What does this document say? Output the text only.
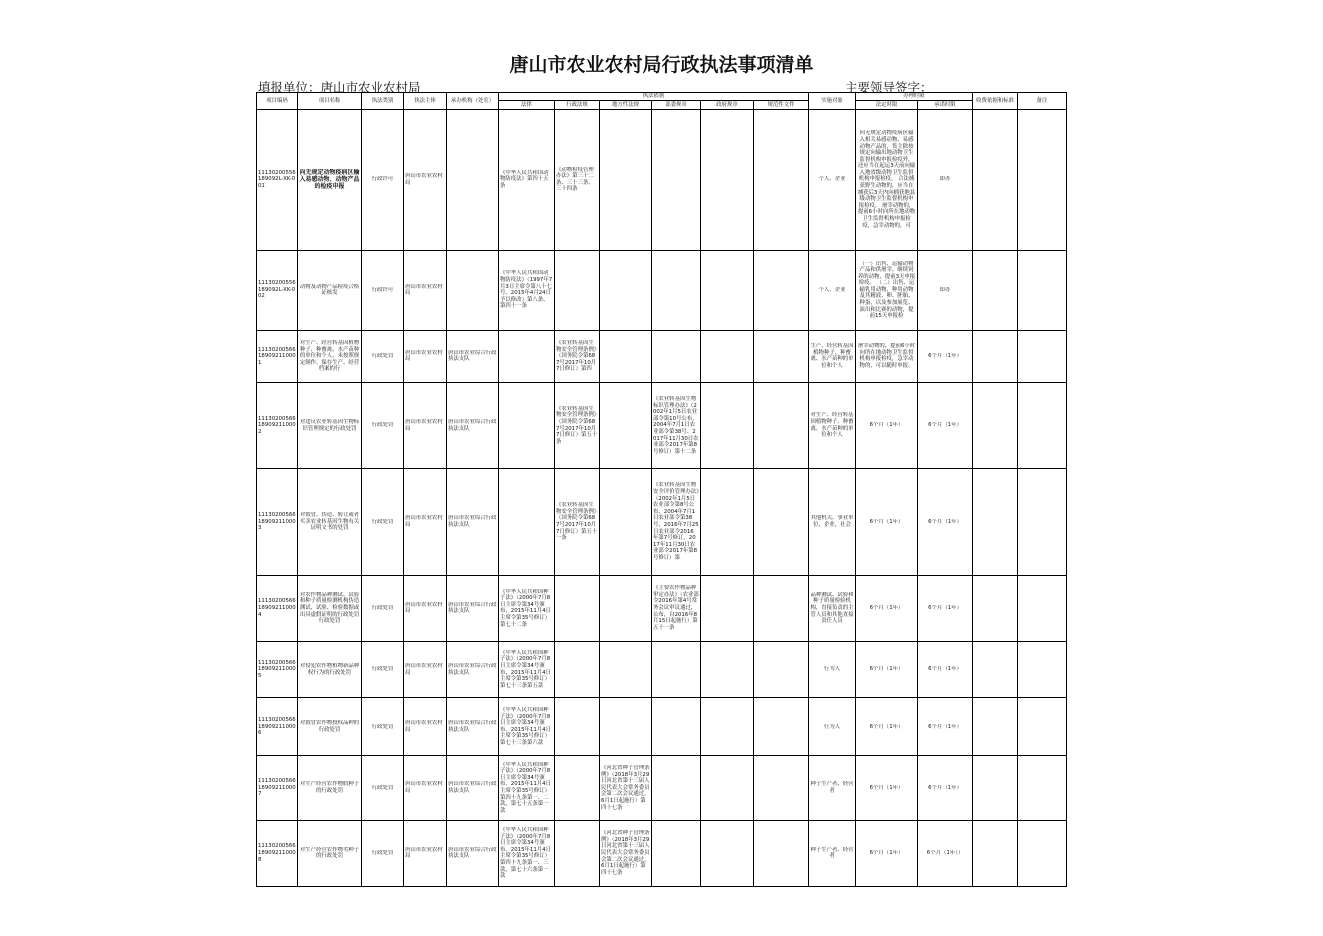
唐山市农业农村局行政执法事项清单
填报单位：唐山市农业农村局	主要领导签字：
项目编码	项目名称	执法类别	执法主体	承办机构（处室）	执法依据						实施对象	办理时限		收费依据和标准	备注
					法律	行政法规	地方性法规	部委规章	政府规章	规范性文件		法定时限	承诺时限		

11130200556189092L-XK-001	向无规定动物疫病区输入易感动物、动物产品的检疫申报	行政许可	唐山市农业农村局		《中华人民共和国动物防疫法》第四十五条	《动物检疫管理办法》第三十二条、三十三条、三十四条					个人、企业	向无规定动物疫病区输入相关易感动物、易感动物产品的，货主除按规定向输出地动物卫生监督机构申报检疫外，还应当在起运3天前向输入地省级动物卫生监督机构申报检疫。 合法捕获野生动物的，应当在捕获后3天内向捕获地县级动物卫生监督机构申报检疫。 屠宰动物的，提前6小时向所在地动物卫生监督机构申报检疫，急宰动物的，可	即办		

11130200556189092L-XK-002	动物及动物产品检疫合格证核发	行政许可	唐山市农业农村局		《中华人民共和国动物防疫法》（1997年7月3日主席令第八十七号，2015年4月24日予以修改）第八条、第四十一条						个人、企业	（一）出售、运输动物产品和供屠宰、继续饲养的动物，提前3天申报检疫。 （二）出售、运输乳用动物、种用动物及其精液、卵、胚胎、种蛋，以及参加展览、演出和比赛的动物，提前15天申报检	即办		

11130200566189092110001	对生产、经营转基因植物种子、种畜禽、水产苗种的单位和个人，未按照规定制作、保存生产、经营档案的行	行政处罚	唐山市农业农村局	唐山市农业综合行政执法支队		《农业转基因生物安全管理条例》（国务院令第687号2017年10月7日修订）第四					生产、经营转基因植物种子、种畜禽、水产苗种的单位和个人	屠宰动物的，提前6小时向所在地动物卫生监督机构申报检疫，急宰动物的，可以随时申报。	6个月（1年）		

11130200566189092110002	对违反农业转基因生物标识管理规定的行政处罚	行政处罚	唐山市农业农村局	唐山市农业综合行政执法支队		《农业转基因生物安全管理条例》（国务院令第687号2017年10月7日修订）第五十条		《农业转基因生物标识管理办法》（2002年1月5日农业部令第10号公布，2004年7月1日农业部令第38号、2017年11月30日农业部令2017年第8号修订）第十二条			对生产、经营转基因植物种子、种畜禽、水产苗种的单位和个人	6个月（1年）	6个月（1年）		

11130200566189092110003	对假冒、伪造、转让或者买卖农业转基因生物有关证明文书的处罚	行政处罚	唐山市农业农村局	唐山市农业综合行政执法支队		《农业转基因生物安全管理条例》（国务院令第687号2017年10月7日修订）第五十一条		《农业转基因生物安全评价管理办法》（2002年1月5日农业部令第8号公布，2004年7月1日农业部令第38号，2016年7月25日农业部令2016年第7号修订，2017年11月30日农业部令2017年第8号修订）第			其他机关、事业单位、企业，社会	6个月（1年）	6个月（1年）		

11130200566189092110004	对农作物品种测试、试验和种子质量检测机构伪造测试、试验、检验数据或出具虚假证明的行政处罚 行政处罚	行政处罚	唐山市农业农村局	唐山市农业综合行政执法支队	《中华人民共和国种子法》（2000年7月8日主席令第34号颁布，2015年11月4日主席令第35号修订）第七十二条			《主要农作物品种审定办法》（农业部令2016年第4号常务会议审议通过，公布，自2016年8月15日起施行）第五十一条			品种测试、试验和种子质量检验机构，直接负责的主管人员和其他直接责任人员	6个月（1年）	6个月（1年）		

11130200566189092110005	对侵犯农作物植物新品种权行为的行政处罚	行政处罚	唐山市农业农村局	唐山市农业综合行政执法支队	《中华人民共和国种子法》（2000年7月8日主席令第34号颁布，2015年11月4日主席令第35号修订）第七十三条第五款						行为人	6个月（1年）	6个月（1年）		

11130200566189092110006	对假冒农作物授权品种的行政处罚	行政处罚	唐山市农业农村局	唐山市农业综合行政执法支队	《中华人民共和国种子法》（2000年7月8日主席令第34号颁布，2015年11月4日主席令第35号修订）第七十三条第六款						行为人	6个月（1年）	6个月（1年）		

11130200566189092110007	对生产经营农作物假种子的行政处罚	行政处罚	唐山市农业农村局	唐山市农业综合行政执法支队	《中华人民共和国种子法》（2000年7月8日主席令第34号颁布，2015年11月4日主席令第35号修订）第四十九条第一、二款，第七十五条第一款		《河北省种子管理条例》（2018年3月29日河北省第十三届人民代表大会常务委员会第二次会议通过，6月1日起施行）第四十七条				种子生产者、经营者	6个月（1年）	6个月（1年）		

11130200566189092110008	对生产经营农作物劣种子的行政处罚	行政处罚	唐山市农业农村局	唐山市农业综合行政执法支队	《中华人民共和国种子法》（2000年7月8日主席令第34号颁布，2015年11月4日主席令第35号修订）第四十九条第一、三款，第七十六条第一款		《河北省种子管理条例》（2018年3月29日河北省第十三届人民代表大会常务委员会第二次会议通过，6月1日起施行）第四十七条				种子生产者、经营者	6个月（1年）	6个月（1年））		
